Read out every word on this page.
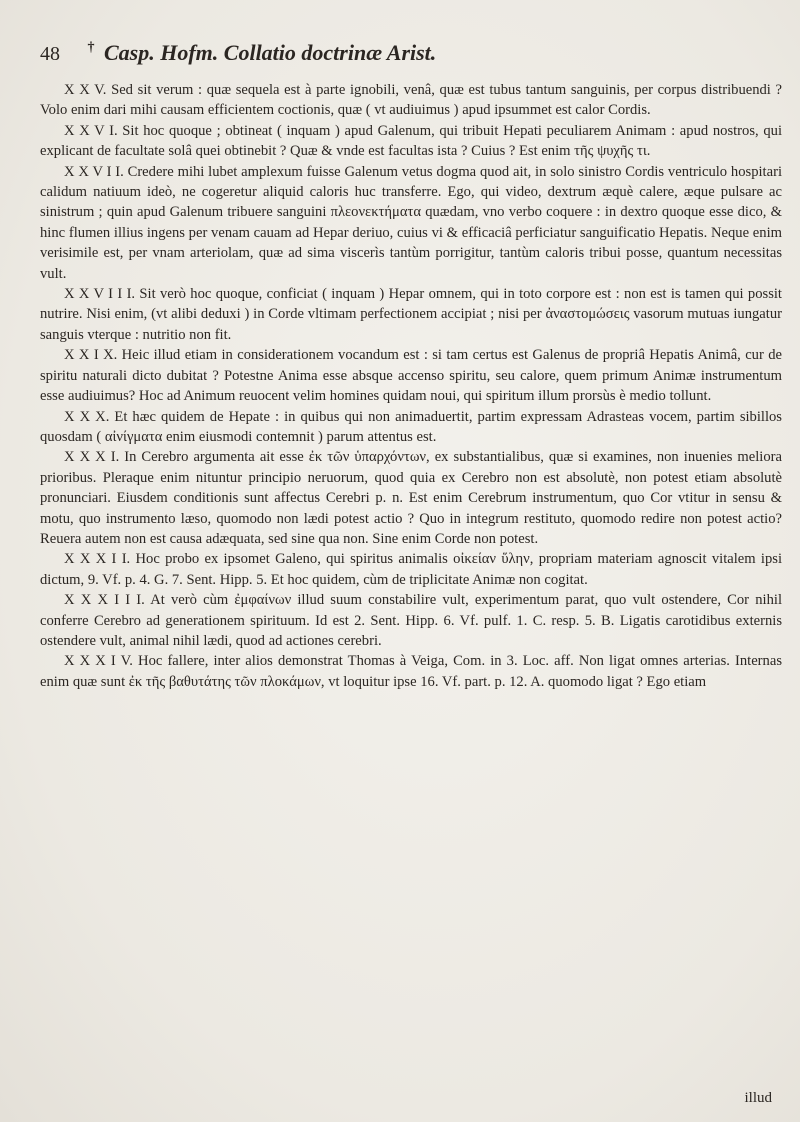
48 † Casp. Hofm. Collatio doctrinæ Arist.

X X V. Sed sit verum : quæ sequela est à parte ignobili, venâ, quæ est tubus tantum sanguinis, per corpus distribuendi ? Volo enim dari mihi causam efficientem coctionis, quæ ( vt audiuimus ) apud ipsummet est calor Cordis.

X X V I. Sit hoc quoque ; obtineat ( inquam ) apud Galenum, qui tribuit Hepati peculiarem Animam : apud nostros, qui explicant de facultate solâ quei obtinebit ? Quæ & vnde est facultas ista ? Cuius ? Est enim τῆς ψυχῆς τι.

X X V I I. Credere mihi lubet amplexum fuisse Galenum vetus dogma quod ait, in solo sinistro Cordis ventriculo hospitari calidum natiuum ideò, ne cogeretur aliquid caloris huc transferre. Ego, qui video, dextrum æquè calere, æque pulsare ac sinistrum ; quin apud Galenum tribuere sanguini πλεονεκτήματα quædam, vno verbo coquere : in dextro quoque esse dico, & hinc flumen illius ingens per venam cauam ad Hepar deriuo, cuius vi & efficaciâ perficiatur sanguificatio Hepatis. Neque enim verisimile est, per vnam arteriolam, quæ ad sima viscerìs tantùm porrigitur, tantùm caloris tribui posse, quantum necessitas vult.

X X V I I I. Sit verò hoc quoque, conficiat ( inquam ) Hepar omnem, qui in toto corpore est : non est is tamen qui possit nutrire. Nisi enim, (vt alibi deduxi ) in Corde vltimam perfectionem accipiat ; nisi per ἀναστομώσεις vasorum mutuas iungatur sanguis vterque : nutritio non fit.

X X I X. Heic illud etiam in considerationem vocandum est : si tam certus est Galenus de propriâ Hepatis Animâ, cur de spiritu naturali dicto dubitat ? Potestne Anima esse absque accenso spiritu, seu calore, quem primum Animæ instrumentum esse audiuimus? Hoc ad Animum reuocent velim homines quidam noui, qui spiritum illum prorsùs è medio tollunt.

X X X. Et hæc quidem de Hepate : in quibus qui non animaduertit, partim expressam Adrasteas vocem, partim sibillos quosdam ( αἰνίγματα enim eiusmodi contemnit ) parum attentus est.

X X X I. In Cerebro argumenta ait esse ἐκ τῶν ὑπαρχόντων, ex substantialibus, quæ si examines, non inuenies meliora prioribus. Pleraque enim nituntur principio neruorum, quod quia ex Cerebro non est absolutè, non potest etiam absolutè pronunciari. Eiusdem conditionis sunt affectus Cerebri p. n. Est enim Cerebrum instrumentum, quo Cor vtitur in sensu & motu, quo instrumento læso, quomodo non lædi potest actio ? Quo in integrum restituto, quomodo redire non potest actio? Reuera autem non est causa adæquata, sed sine qua non. Sine enim Corde non potest.

X X X I I. Hoc probo ex ipsomet Galeno, qui spiritus animalis οἰκείαν ὕλην, propriam materiam agnoscit vitalem ipsi dictum, 9. Vf. p. 4. G. 7. Sent. Hipp. 5. Et hoc quidem, cùm de triplicitate Animæ non cogitat.

X X X I I I. At verò cùm ἐμφαίνων illud suum constabilire vult, experimentum parat, quo vult ostendere, Cor nihil conferre Cerebro ad generationem spirituum. Id est 2. Sent. Hipp. 6. Vf. pulf. 1. C. resp. 5. B. Ligatis carotidibus externis ostendere vult, animal nihil lædi, quod ad actiones cerebri.

X X X I V. Hoc fallere, inter alios demonstrat Thomas à Veiga, Com. in 3. Loc. aff. Non ligat omnes arterias. Internas enim quæ sunt ἐκ τῆς βαθυτάτης τῶν πλοκάμων, vt loquitur ipse 16. Vf. part. p. 12. A. quomodo ligat ? Ego etiam

illud
